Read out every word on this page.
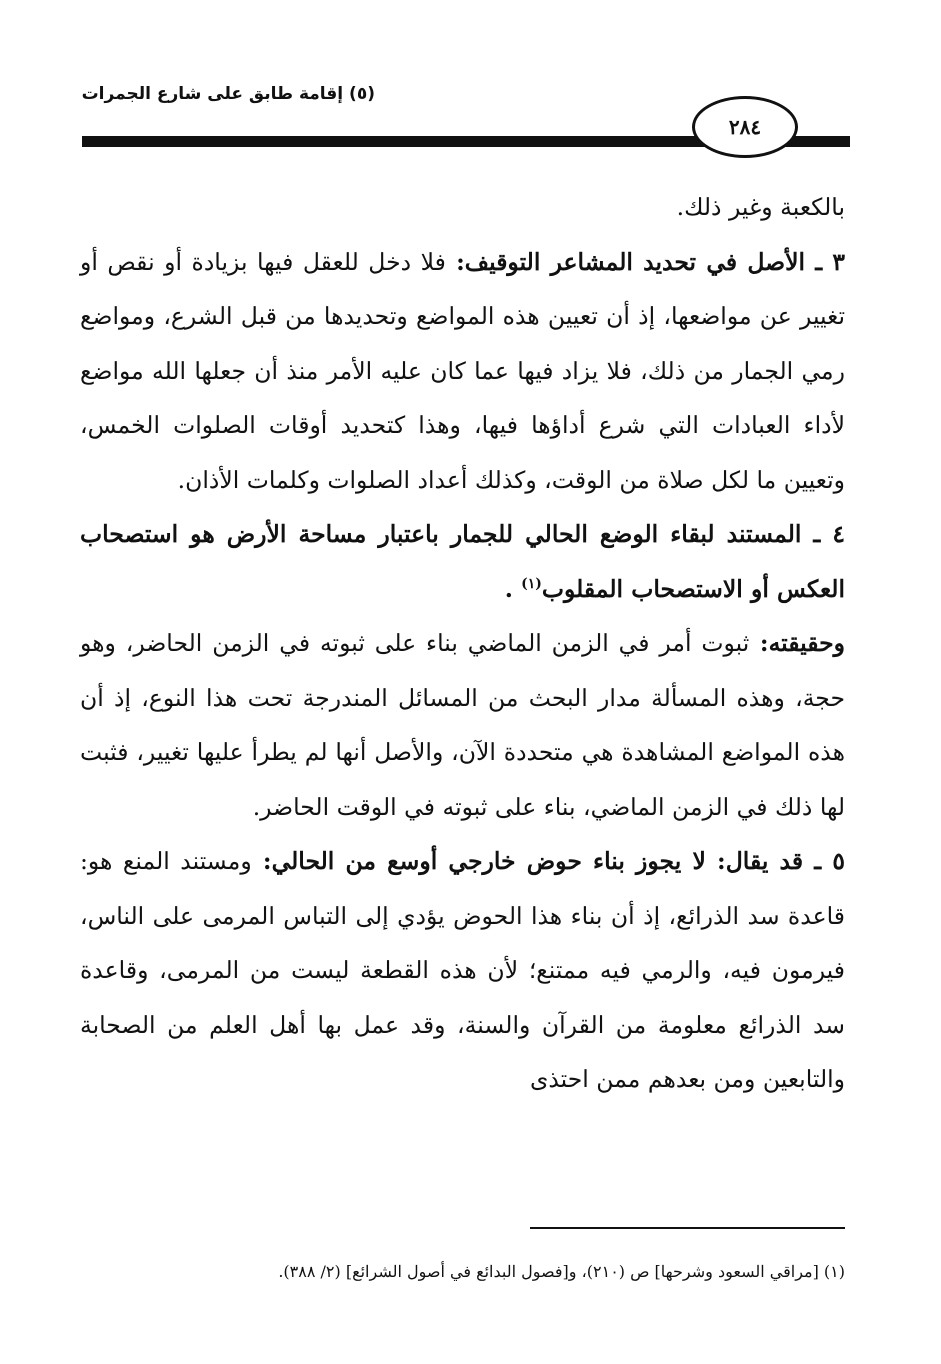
(٥) إقامة طابق على شارع الجمرات
٢٨٤

بالكعبة وغير ذلك.

٣ ـ الأصل في تحديد المشاعر التوقيف: فلا دخل للعقل فيها بزيادة أو نقص أو تغيير عن مواضعها، إذ أن تعيين هذه المواضع وتحديدها من قبل الشرع، ومواضع رمي الجمار من ذلك، فلا يزاد فيها عما كان عليه الأمر منذ أن جعلها الله مواضع لأداء العبادات التي شرع أداؤها فيها، وهذا كتحديد أوقات الصلوات الخمس، وتعيين ما لكل صلاة من الوقت، وكذلك أعداد الصلوات وكلمات الأذان.

٤ ـ المستند لبقاء الوضع الحالي للجمار باعتبار مساحة الأرض هو استصحاب العكس أو الاستصحاب المقلوب$^{(١)}$ .

وحقيقته: ثبوت أمر في الزمن الماضي بناء على ثبوته في الزمن الحاضر، وهو حجة، وهذه المسألة مدار البحث من المسائل المندرجة تحت هذا النوع، إذ أن هذه المواضع المشاهدة هي متحددة الآن، والأصل أنها لم يطرأ عليها تغيير، فثبت لها ذلك في الزمن الماضي، بناء على ثبوته في الوقت الحاضر.

٥ ـ قد يقال: لا يجوز بناء حوض خارجي أوسع من الحالي: ومستند المنع هو: قاعدة سد الذرائع، إذ أن بناء هذا الحوض يؤدي إلى التباس المرمى على الناس، فيرمون فيه، والرمي فيه ممتنع؛ لأن هذه القطعة ليست من المرمى، وقاعدة سد الذرائع معلومة من القرآن والسنة، وقد عمل بها أهل العلم من الصحابة والتابعين ومن بعدهم ممن احتذى

(١) [مراقي السعود وشرحها] ص (٢١٠)، و[فصول البدائع في أصول الشرائع] (٢/ ٣٨٨).
